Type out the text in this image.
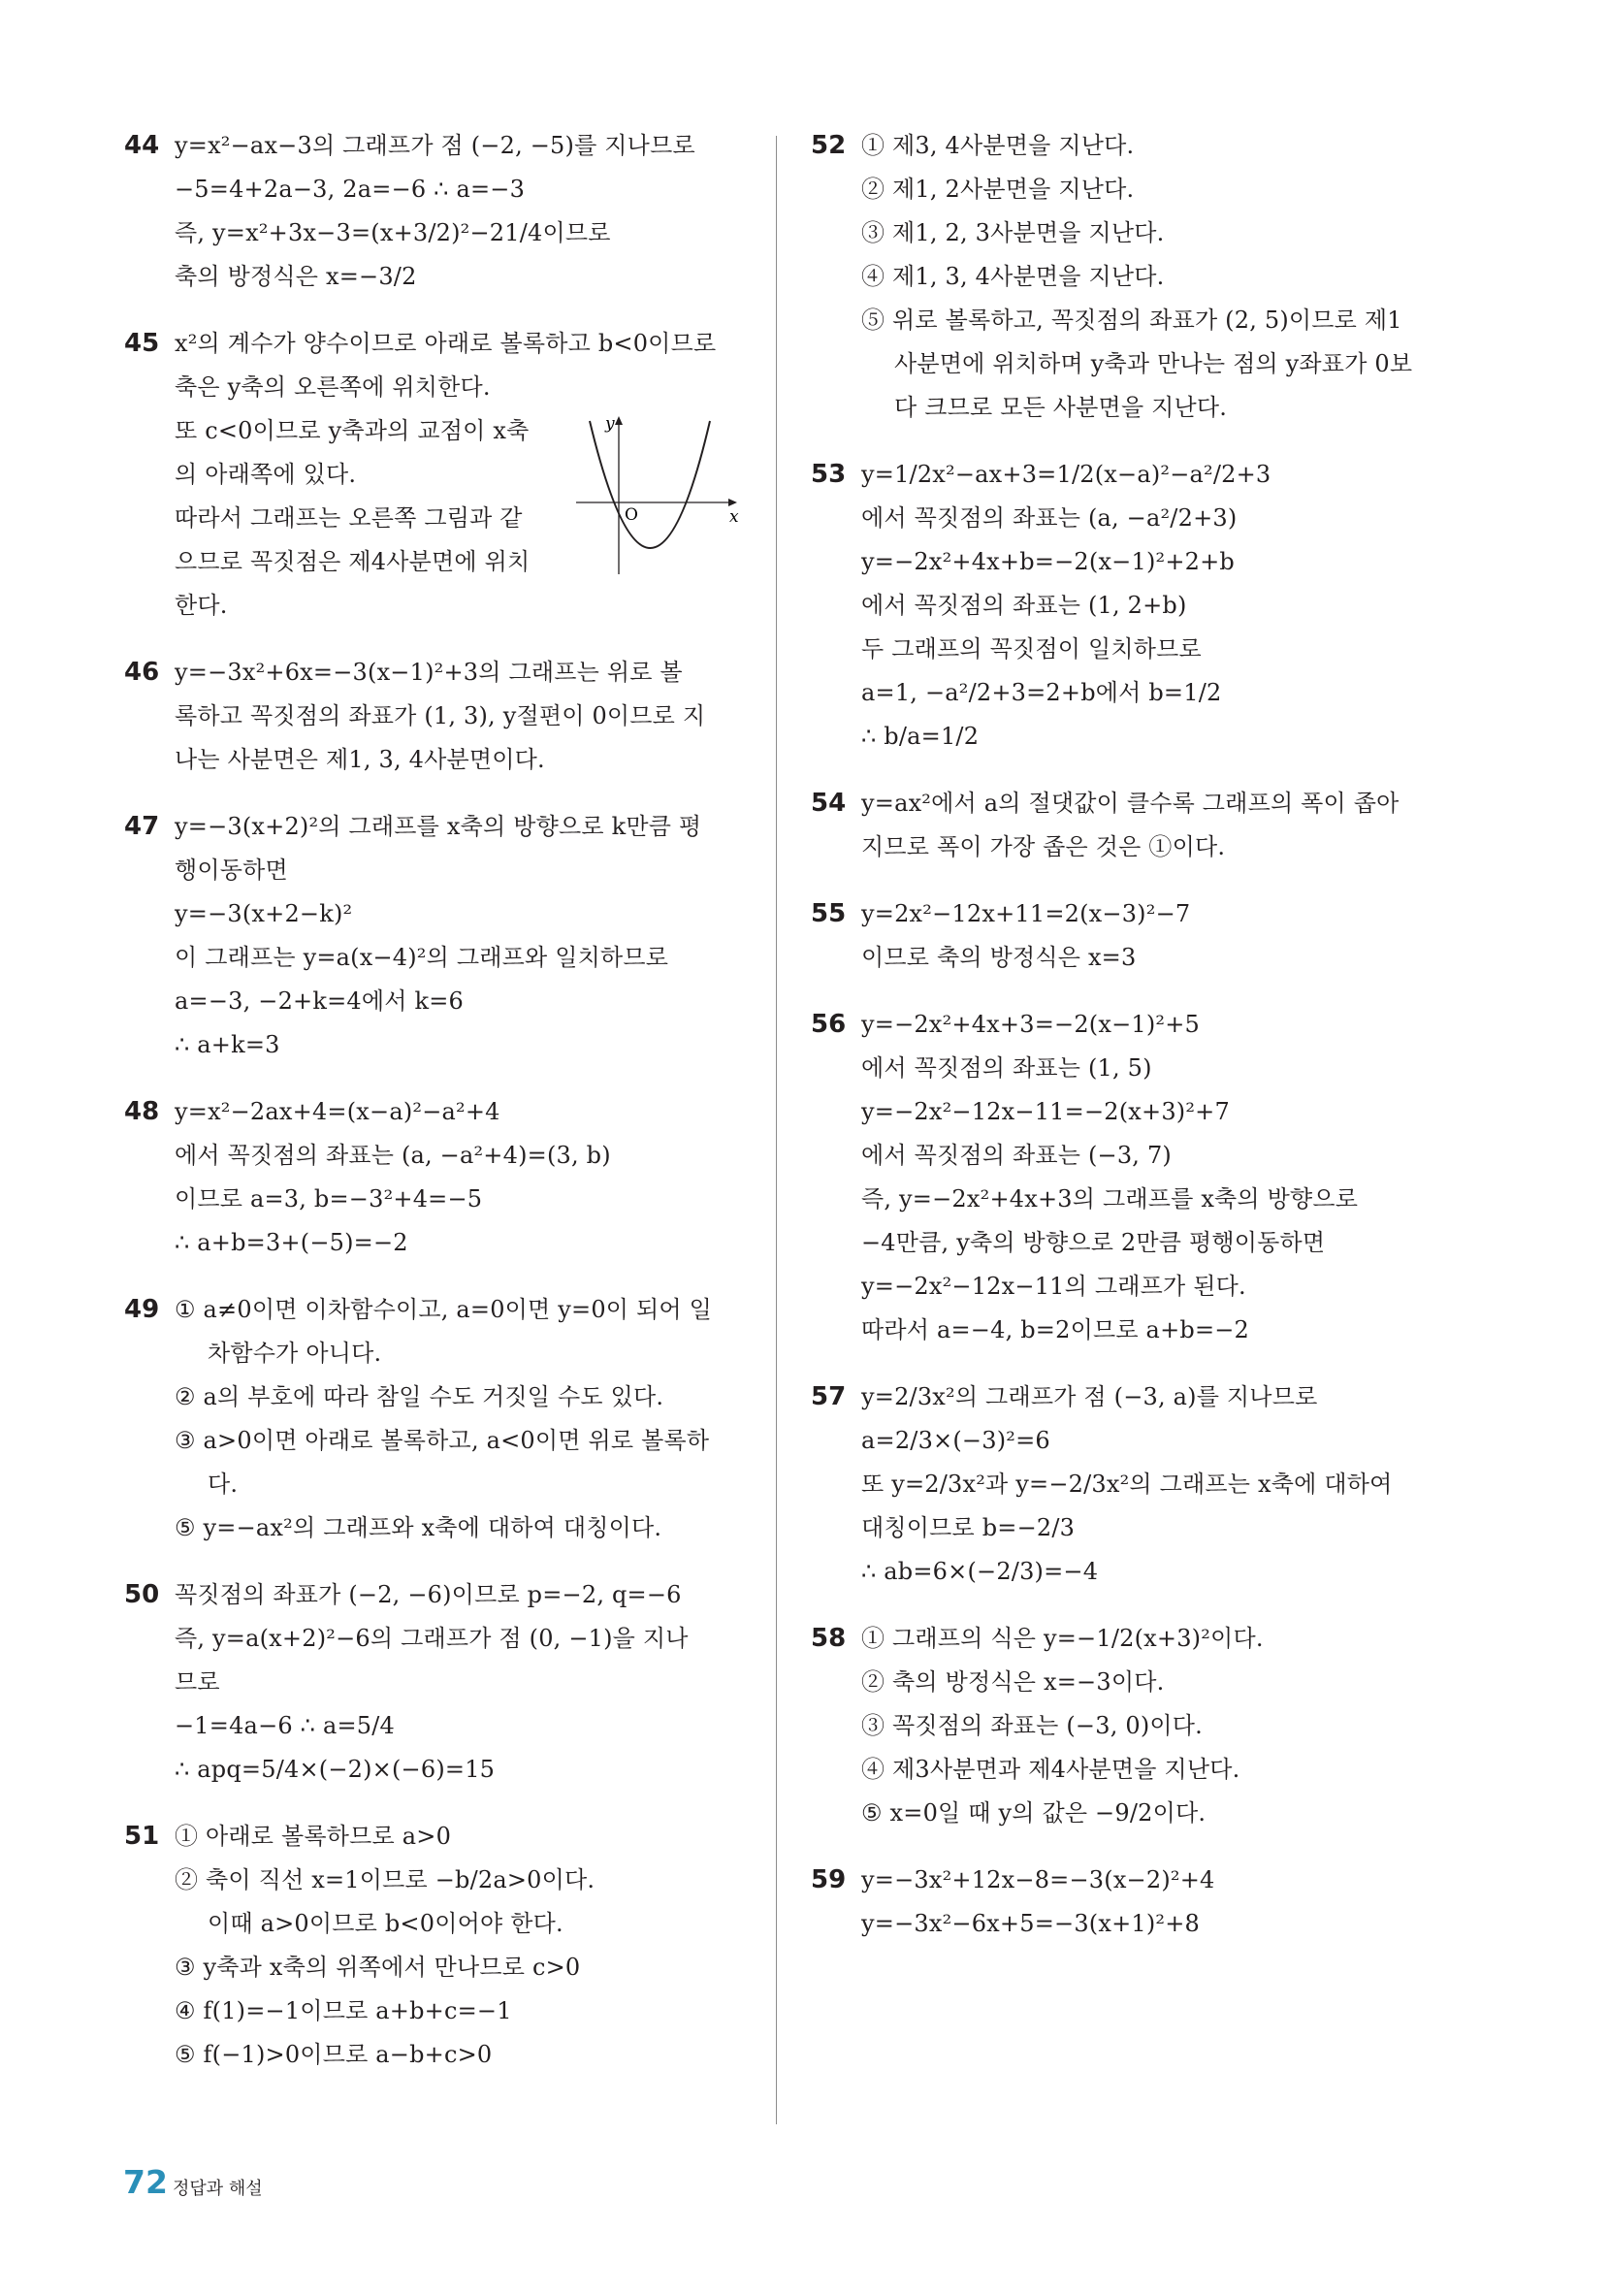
44 y=x²−ax−3의 그래프가 점 (−2, −5)를 지나므로
−5=4+2a−3, 2a=−6 ∴ a=−3
즉, y=x²+3x−3=(x+3/2)²−21/4이므로
축의 방정식은 x=−3/2
45 x²의 계수가 양수이므로 아래로 볼록하고 b<0이므로
축은 y축의 오른쪽에 위치한다.
또 c<0이므로 y축과의 교점이 x축
의 아래쪽에 있다.
따라서 그래프는 오른쪽 그림과 같
으므로 꼭짓점은 제4사분면에 위치
한다.
y
x
O
46 y=−3x²+6x=−3(x−1)²+3의 그래프는 위로 볼
록하고 꼭짓점의 좌표가 (1, 3), y절편이 0이므로 지
나는 사분면은 제1, 3, 4사분면이다.
47 y=−3(x+2)²의 그래프를 x축의 방향으로 k만큼 평
행이동하면
y=−3(x+2−k)²
이 그래프는 y=a(x−4)²의 그래프와 일치하므로
a=−3, −2+k=4에서 k=6
∴ a+k=3
48 y=x²−2ax+4=(x−a)²−a²+4
에서 꼭짓점의 좌표는 (a, −a²+4)=(3, b)
이므로 a=3, b=−3²+4=−5
∴ a+b=3+(−5)=−2
49 ① a≠0이면 이차함수이고, a=0이면 y=0이 되어 일
차함수가 아니다.
② a의 부호에 따라 참일 수도 거짓일 수도 있다.
③ a>0이면 아래로 볼록하고, a<0이면 위로 볼록하
다.
⑤ y=−ax²의 그래프와 x축에 대하여 대칭이다.
50 꼭짓점의 좌표가 (−2, −6)이므로 p=−2, q=−6
즉, y=a(x+2)²−6의 그래프가 점 (0, −1)을 지나
므로
−1=4a−6 ∴ a=5/4
∴ apq=5/4×(−2)×(−6)=15
51 ① 아래로 볼록하므로 a>0
② 축이 직선 x=1이므로 −b/2a>0이다.
이때 a>0이므로 b<0이어야 한다.
③ y축과 x축의 위쪽에서 만나므로 c>0
④ f(1)=−1이므로 a+b+c=−1
⑤ f(−1)>0이므로 a−b+c>0
52 ① 제3, 4사분면을 지난다.
② 제1, 2사분면을 지난다.
③ 제1, 2, 3사분면을 지난다.
④ 제1, 3, 4사분면을 지난다.
⑤ 위로 볼록하고, 꼭짓점의 좌표가 (2, 5)이므로 제1
사분면에 위치하며 y축과 만나는 점의 y좌표가 0보
다 크므로 모든 사분면을 지난다.
53 y=1/2x²−ax+3=1/2(x−a)²−a²/2+3
에서 꼭짓점의 좌표는 (a, −a²/2+3)
y=−2x²+4x+b=−2(x−1)²+2+b
에서 꼭짓점의 좌표는 (1, 2+b)
두 그래프의 꼭짓점이 일치하므로
a=1, −a²/2+3=2+b에서 b=1/2
∴ b/a=1/2
54 y=ax²에서 a의 절댓값이 클수록 그래프의 폭이 좁아
지므로 폭이 가장 좁은 것은 ①이다.
55 y=2x²−12x+11=2(x−3)²−7
이므로 축의 방정식은 x=3
56 y=−2x²+4x+3=−2(x−1)²+5
에서 꼭짓점의 좌표는 (1, 5)
y=−2x²−12x−11=−2(x+3)²+7
에서 꼭짓점의 좌표는 (−3, 7)
즉, y=−2x²+4x+3의 그래프를 x축의 방향으로
−4만큼, y축의 방향으로 2만큼 평행이동하면
y=−2x²−12x−11의 그래프가 된다.
따라서 a=−4, b=2이므로 a+b=−2
57 y=2/3x²의 그래프가 점 (−3, a)를 지나므로
a=2/3×(−3)²=6
또 y=2/3x²과 y=−2/3x²의 그래프는 x축에 대하여
대칭이므로 b=−2/3
∴ ab=6×(−2/3)=−4
58 ① 그래프의 식은 y=−1/2(x+3)²이다.
② 축의 방정식은 x=−3이다.
③ 꼭짓점의 좌표는 (−3, 0)이다.
④ 제3사분면과 제4사분면을 지난다.
⑤ x=0일 때 y의 값은 −9/2이다.
59 y=−3x²+12x−8=−3(x−2)²+4
y=−3x²−6x+5=−3(x+1)²+8
72 정답과 해설
